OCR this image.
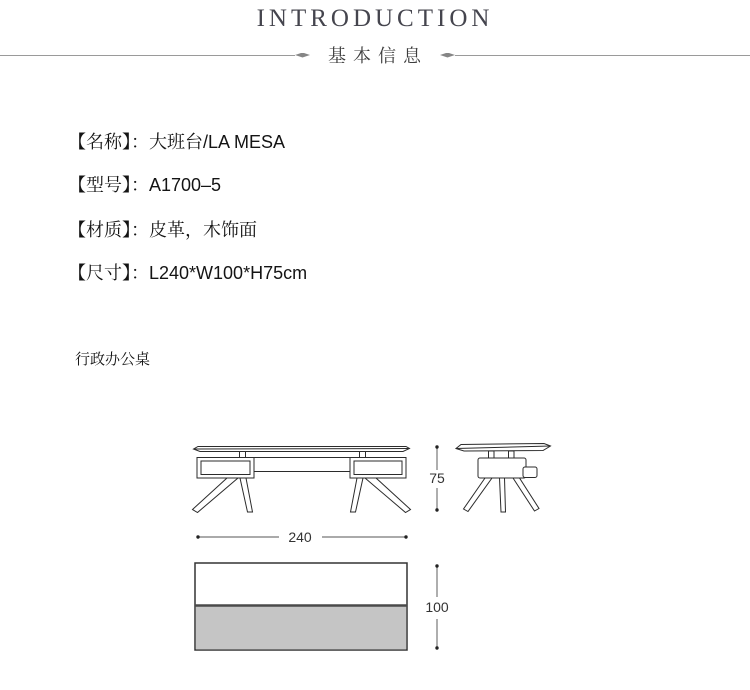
INTRODUCTION
基本信息
【名称】：大班台/LA MESA
【型号】：A1700–5
【材质】：皮革，木饰面
【尺寸】：L240*W100*H75cm
行政办公桌
75
240
100
